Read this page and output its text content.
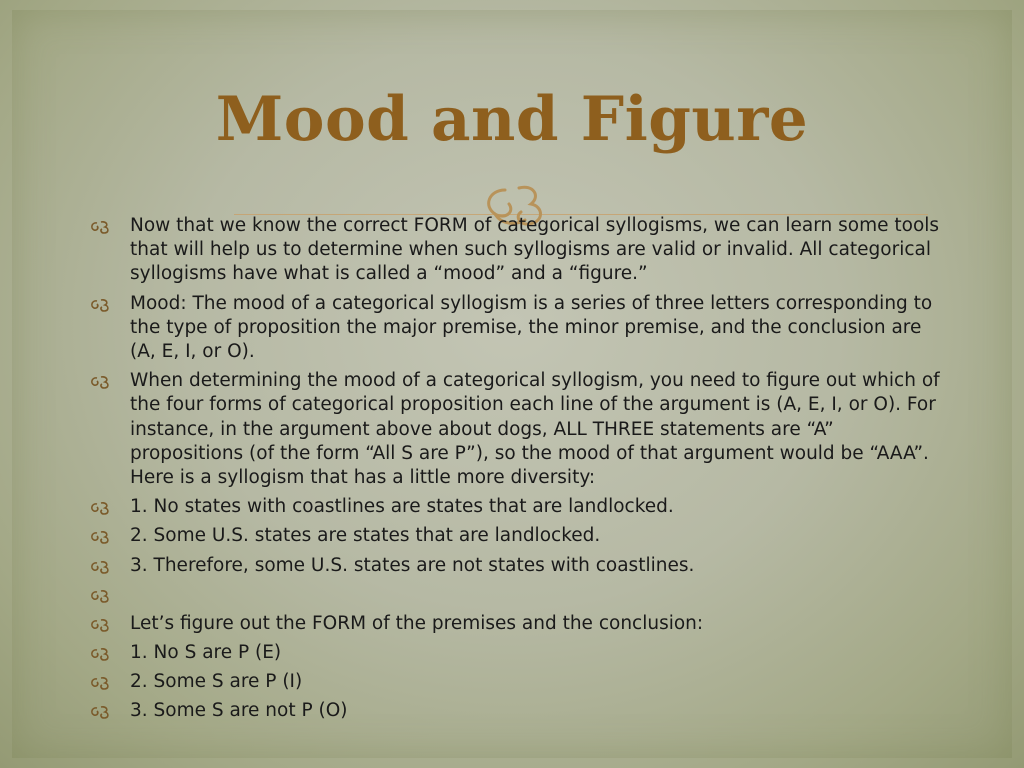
Mood and Figure
Now that we know the correct FORM of categorical syllogisms, we can learn some tools that will help us to determine when such syllogisms are valid or invalid. All categorical syllogisms have what is called a “mood” and a “figure.”
Mood: The mood of a categorical syllogism is a series of three letters corresponding to the type of proposition the major premise, the minor premise, and the conclusion are (A, E, I, or O).
When determining the mood of a categorical syllogism, you need to figure out which of the four forms of categorical proposition each line of the argument is (A, E, I, or O). For instance, in the argument above about dogs, ALL THREE statements are “A” propositions (of the form “All S are P”), so the mood of that argument would be “AAA”. Here is a syllogism that has a little more diversity:
1. No states with coastlines are states that are landlocked.
2. Some U.S. states are states that are landlocked.
3. Therefore, some U.S. states are not states with coastlines.
Let’s figure out the FORM of the premises and the conclusion:
1. No S are P (E)
2. Some S are P (I)
3. Some S are not P (O)
